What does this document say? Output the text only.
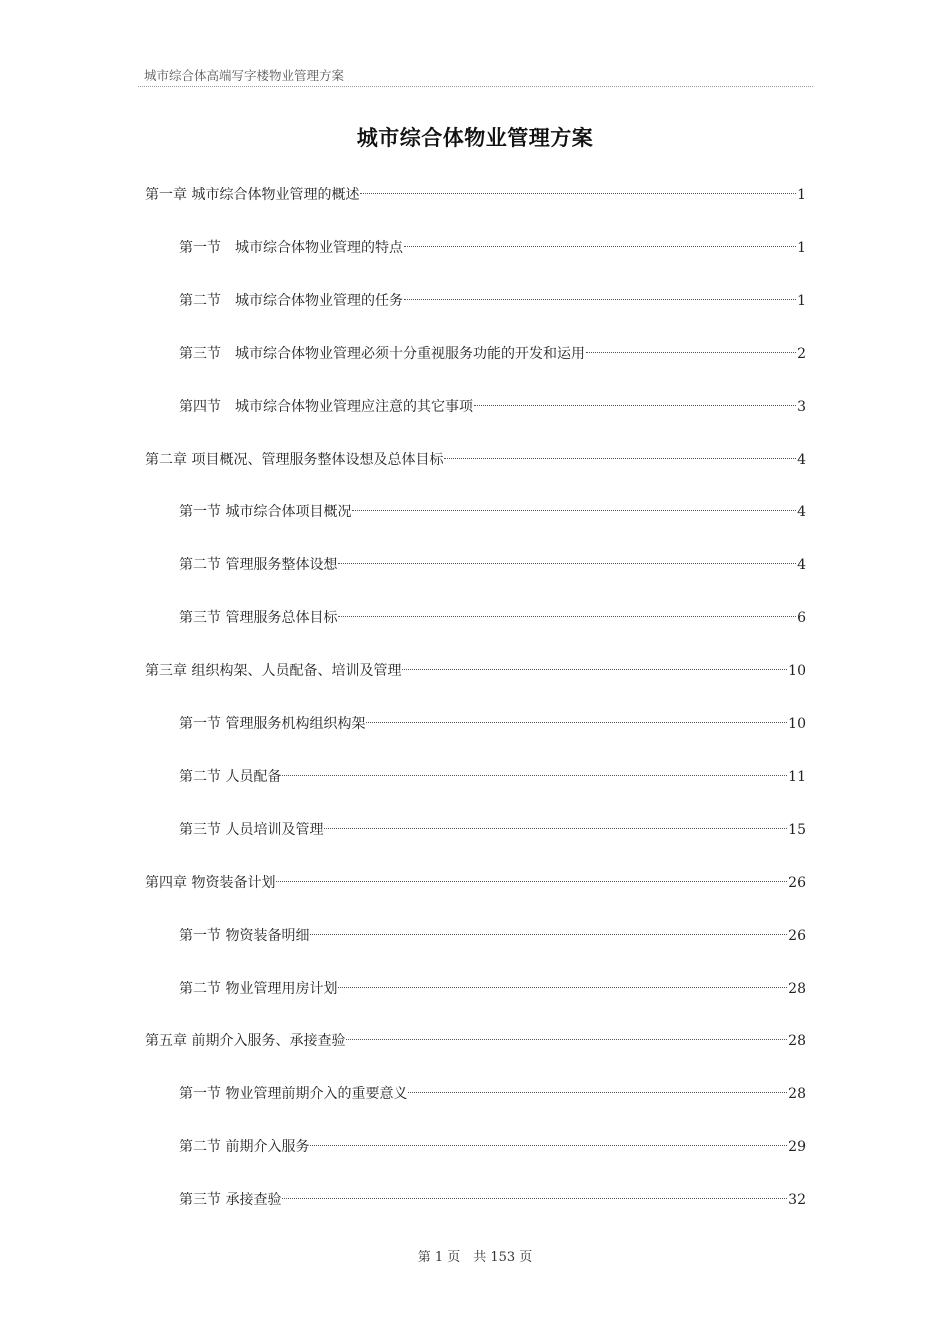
城市综合体高端写字楼物业管理方案
城市综合体物业管理方案
第一章 城市综合体物业管理的概述	1
第一节　城市综合体物业管理的特点	1
第二节　城市综合体物业管理的任务	1
第三节　城市综合体物业管理必须十分重视服务功能的开发和运用	2
第四节　城市综合体物业管理应注意的其它事项	3
第二章 项目概况、管理服务整体设想及总体目标	4
第一节 城市综合体项目概况	4
第二节 管理服务整体设想	4
第三节 管理服务总体目标	6
第三章 组织构架、人员配备、培训及管理	10
第一节 管理服务机构组织构架	10
第二节 人员配备	11
第三节 人员培训及管理	15
第四章 物资装备计划	26
第一节 物资装备明细	26
第二节 物业管理用房计划	28
第五章 前期介入服务、承接查验	28
第一节 物业管理前期介入的重要意义	28
第二节 前期介入服务	29
第三节 承接查验	32
第 1 页　共 153 页
